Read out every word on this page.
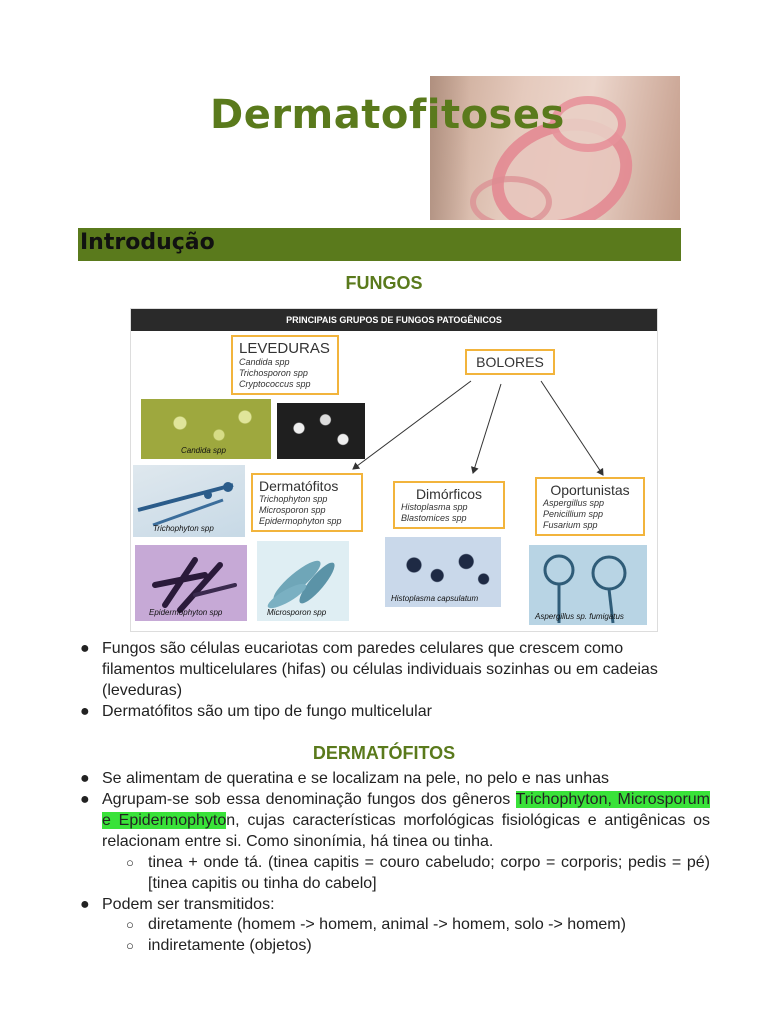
Dermatofitoses
Introdução
FUNGOS
PRINCIPAIS GRUPOS DE FUNGOS PATOGÊNICOS
LEVEDURAS
Candida spp
Trichosporon spp
Cryptococcus spp
BOLORES
Candida spp
Trichophyton spp
Dermatófitos
Trichophyton spp
Microsporon spp
Epidermophyton spp
Dimórficos
Histoplasma spp
Blastomices spp
Oportunistas
Aspergillus spp
Penicillium spp
Fusarium spp
Epidermophyton spp	Microsporon spp
Histoplasma capsulatum
Aspergillus sp. fumigatus
● Fungos são células eucariotas com paredes celulares que crescem como filamentos multicelulares (hifas) ou células individuais sozinhas ou em cadeias (leveduras)
● Dermatófitos são um tipo de fungo multicelular
DERMATÓFITOS
● Se alimentam de queratina e se localizam na pele, no pelo e nas unhas
● Agrupam-se sob essa denominação fungos dos gêneros Trichophyton, Microsporum e Epidermophyton, cujas características morfológicas fisiológicas e antigênicas os relacionam entre si. Como sinonímia, há tinea ou tinha.
○ tinea + onde tá. (tinea capitis = couro cabeludo; corpo = corporis; pedis = pé) [tinea capitis ou tinha do cabelo]
● Podem ser transmitidos:
○ diretamente (homem -> homem, animal -> homem, solo -> homem)
○ indiretamente (objetos)
